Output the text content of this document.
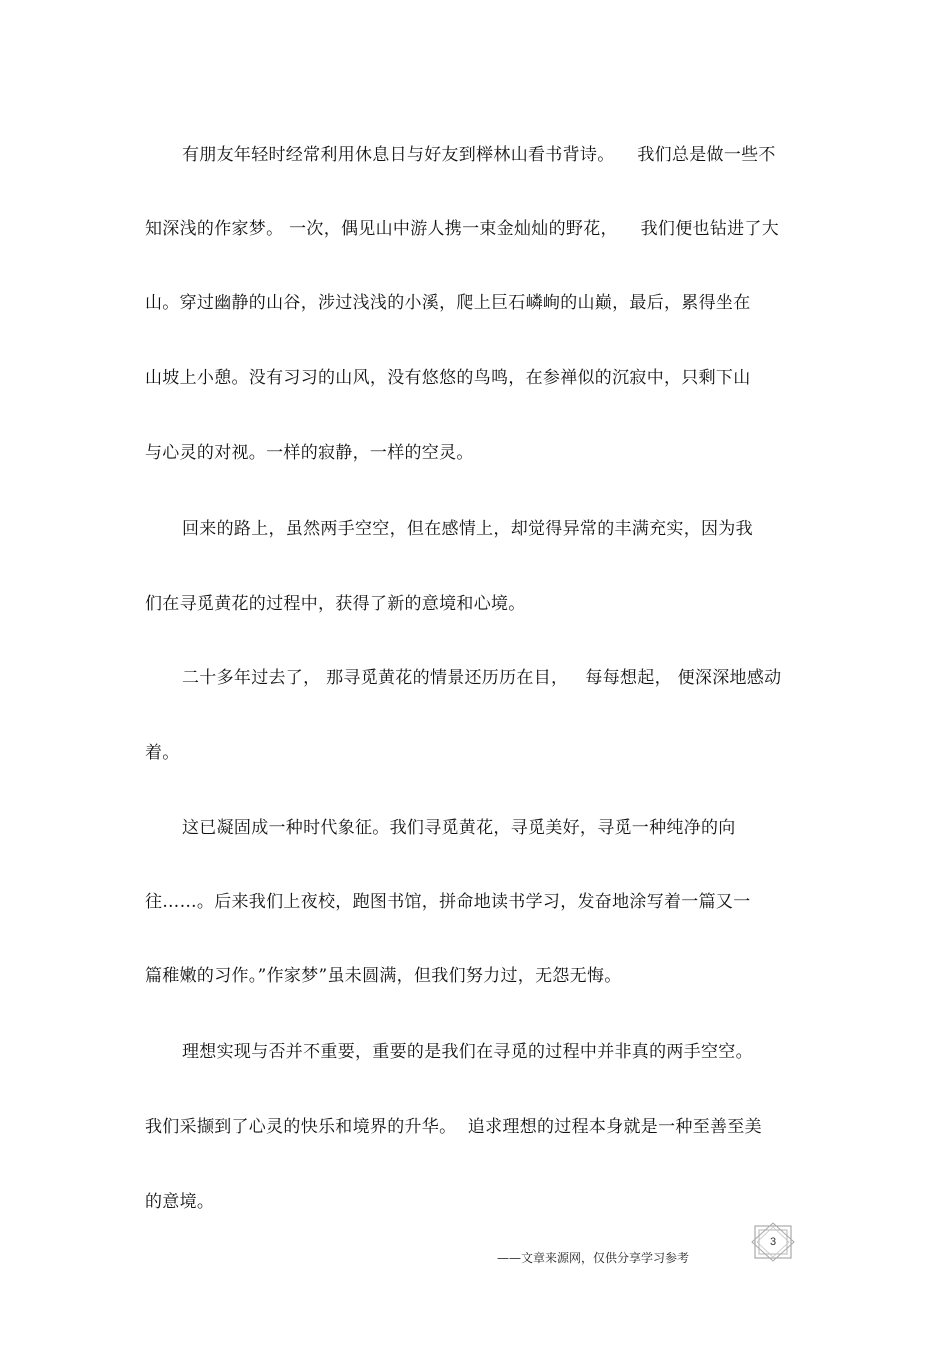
有朋友年轻时经常利用休息日与好友到榉林山看书背诗。    我们总是做一些不
知深浅的作家梦。 一次，偶见山中游人携一束金灿灿的野花，    我们便也钻进了大
山。穿过幽静的山谷，涉过浅浅的小溪，爬上巨石嶙峋的山巅，最后，累得坐在
山坡上小憩。没有习习的山风，没有悠悠的鸟鸣，在参禅似的沉寂中，只剩下山
与心灵的对视。一样的寂静，一样的空灵。
回来的路上，虽然两手空空，但在感情上，却觉得异常的丰满充实，因为我
们在寻觅黄花的过程中，获得了新的意境和心境。
二十多年过去了， 那寻觅黄花的情景还历历在目，   每每想起， 便深深地感动
着。
这已凝固成一种时代象征。我们寻觅黄花，寻觅美好，寻觅一种纯净的向
往……。后来我们上夜校，跑图书馆，拼命地读书学习，发奋地涂写着一篇又一
篇稚嫩的习作。”作家梦”虽未圆满，但我们努力过，无怨无悔。
理想实现与否并不重要，重要的是我们在寻觅的过程中并非真的两手空空。
我们采撷到了心灵的快乐和境界的升华。  追求理想的过程本身就是一种至善至美
的意境。
3
——文章来源网，仅供分享学习参考
